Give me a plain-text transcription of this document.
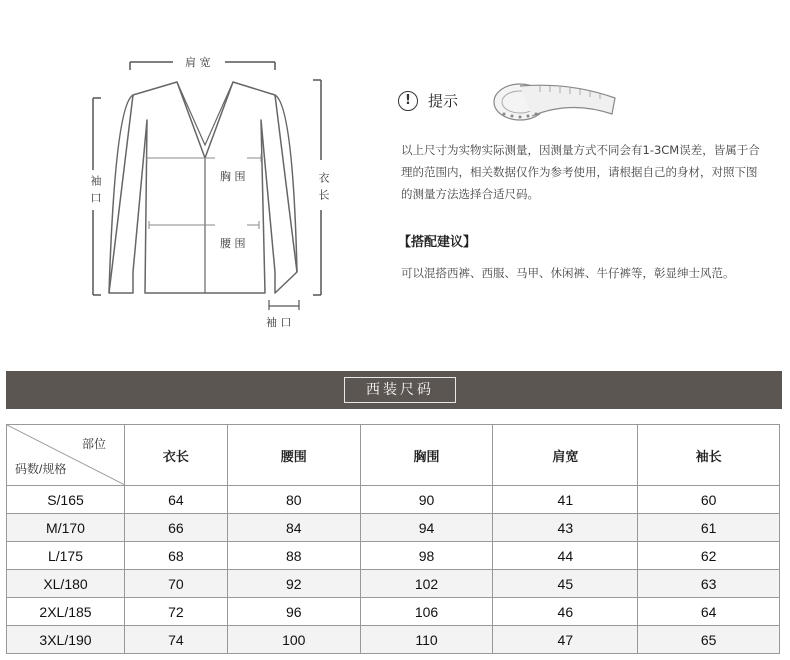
肩 宽
袖口	衣长
胸 围
腰 围
袖 口
!	提示
以上尺寸为实物实际测量，因测量方式不同会有1-3CM误差，皆属于合理的范围内，相关数据仅作为参考使用，请根据自己的身材，对照下图的测量方法选择合适尺码。
【搭配建议】
可以混搭西裤、西服、马甲、休闲裤、牛仔裤等，彰显绅士风范。
西装尺码
部位
码数/规格	衣长	腰围	胸围	肩宽	袖长
S/165	64	80	90	41	60
M/170	66	84	94	43	61
L/175	68	88	98	44	62
XL/180	70	92	102	45	63
2XL/185	72	96	106	46	64
3XL/190	74	100	110	47	65
